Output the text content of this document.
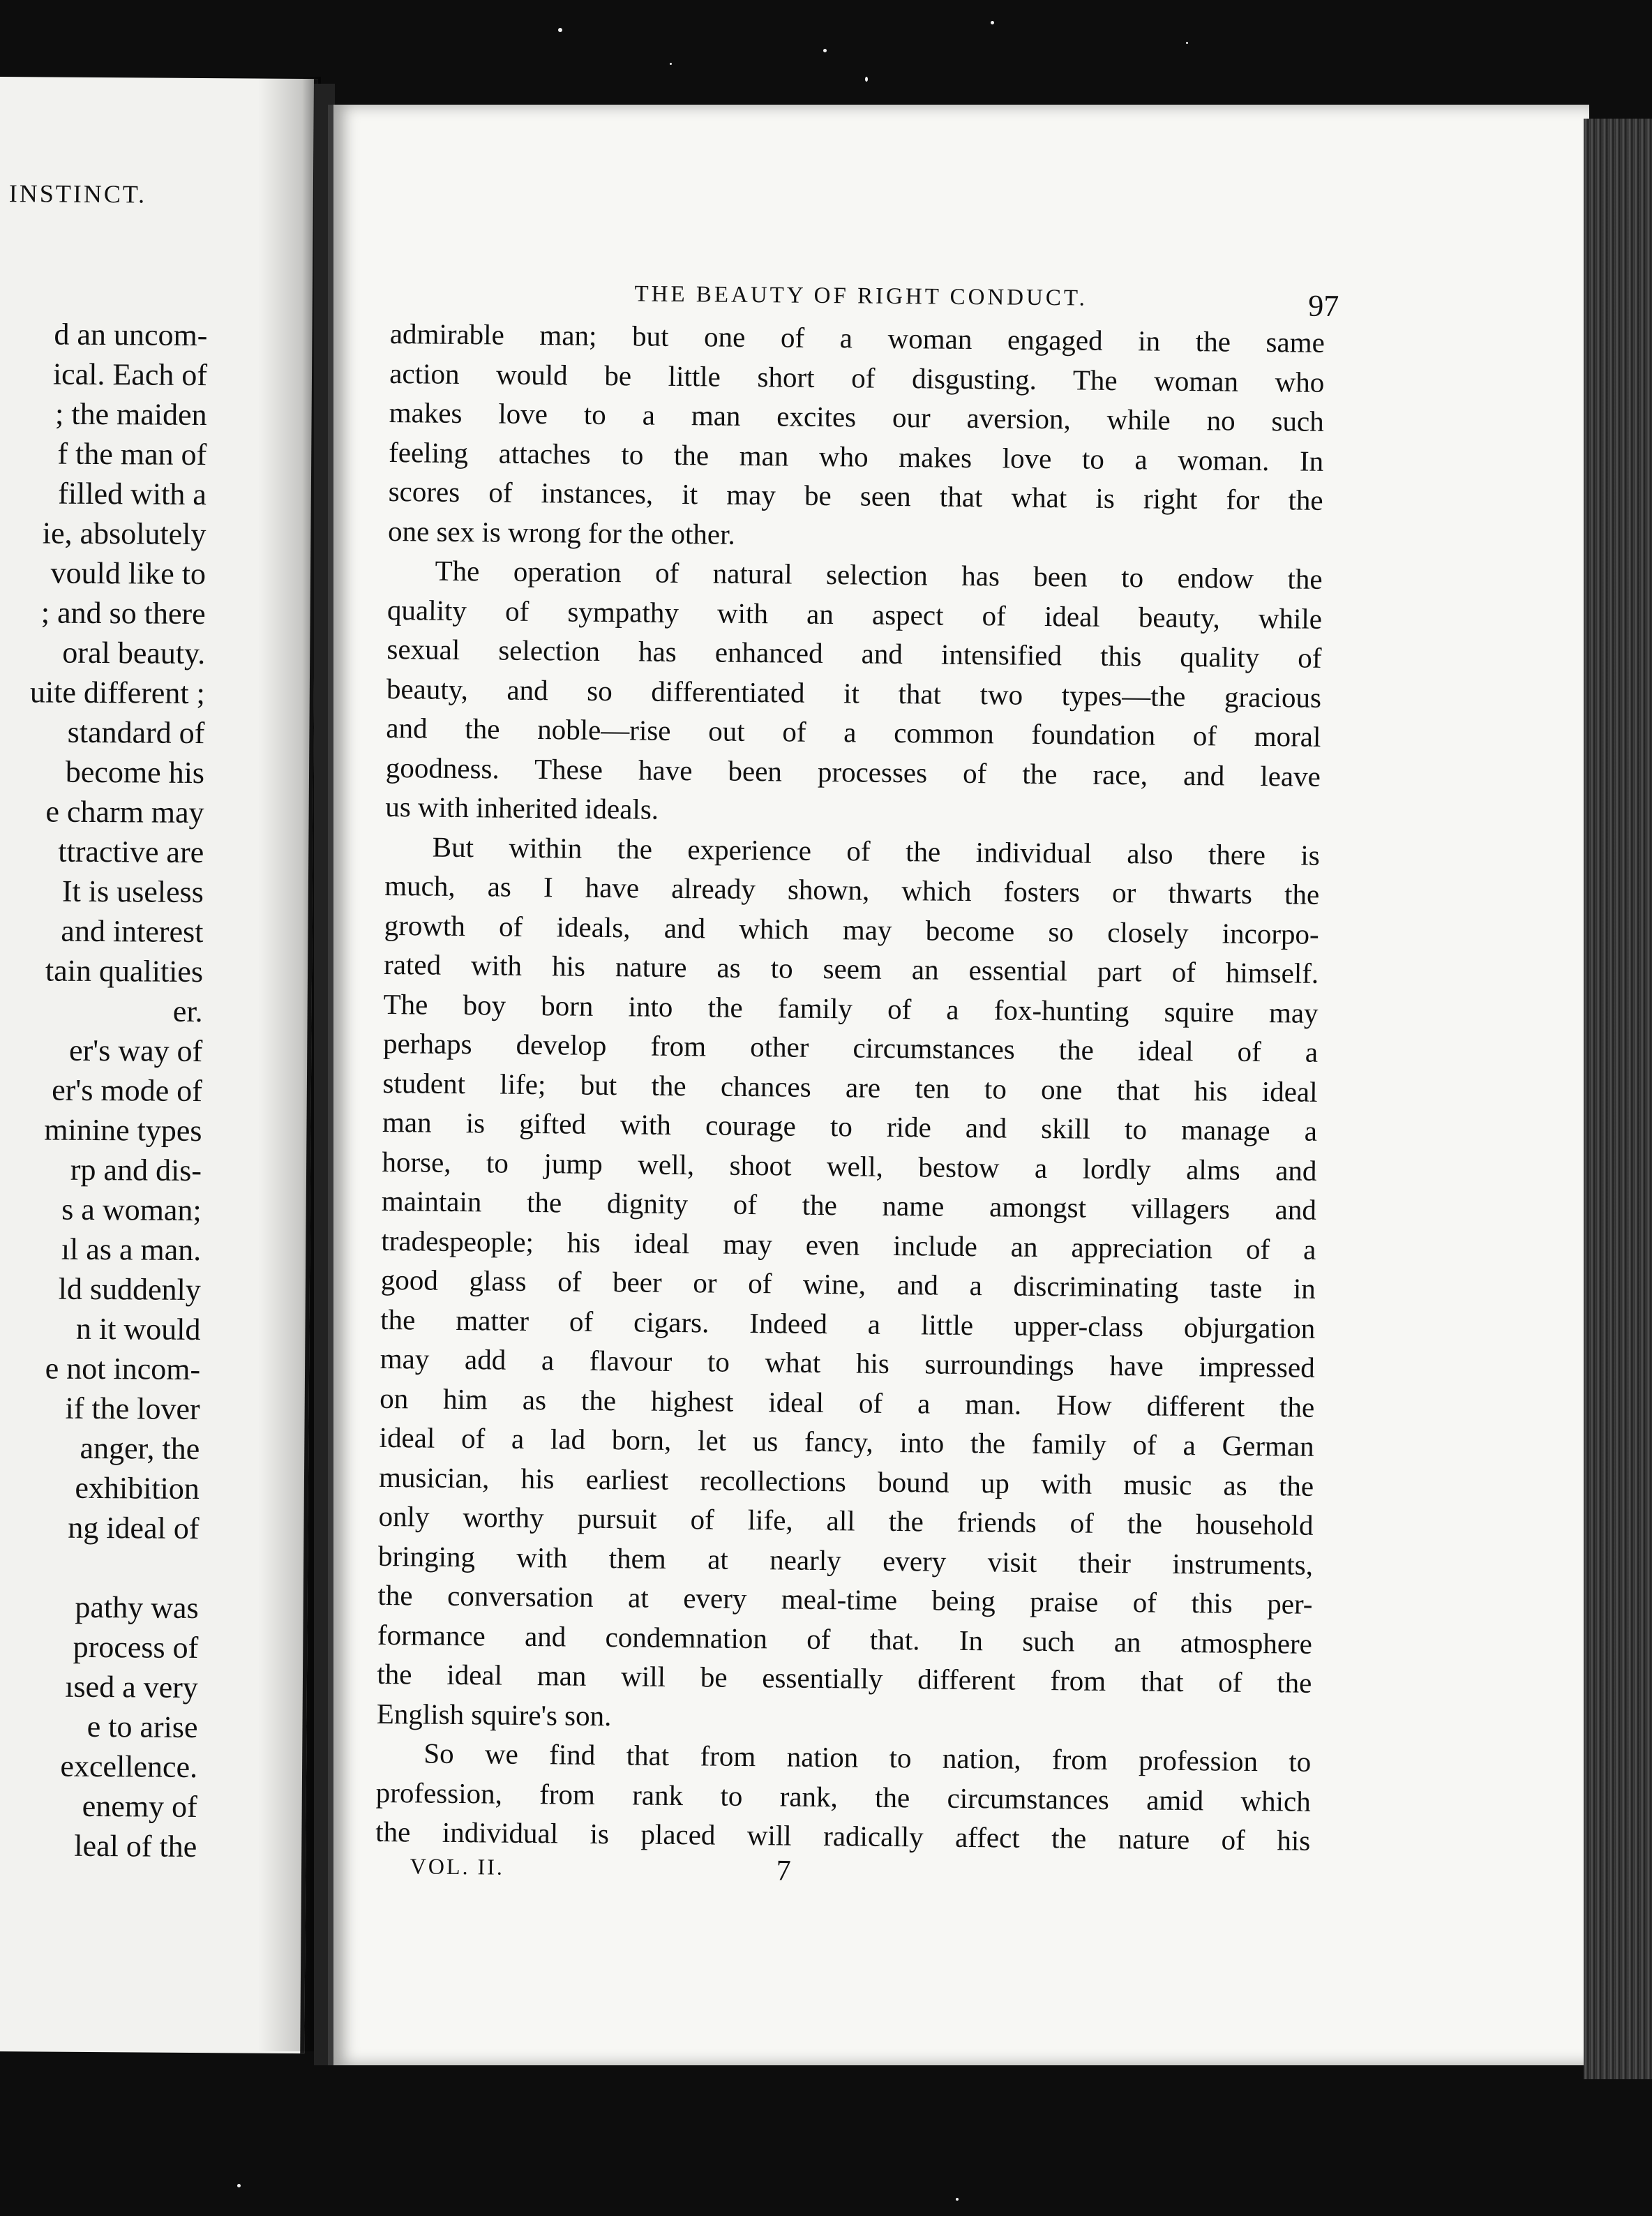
INSTINCT.
d an uncom-
ical. Each of
; the maiden
f the man of
filled with a
ie, absolutely
vould like to
; and so there
oral beauty.
uite different ;
standard of
become his
e charm may
ttractive are
It is useless
and interest
tain qualities
er.
er's way of
er's mode of
minine types
rp and dis-
s a woman;
ıl as a man.
ld suddenly
n it would
e not incom-
if the lover
anger, the
exhibition
ng ideal of
pathy was
process of
ısed a very
e to arise
excellence.
enemy of
leal of the
THE BEAUTY OF RIGHT CONDUCT.	97
admirable man; but one of a woman engaged in the same
action would be little short of disgusting. The woman who
makes love to a man excites our aversion, while no such
feeling attaches to the man who makes love to a woman. In
scores of instances, it may be seen that what is right for the
one sex is wrong for the other.
The operation of natural selection has been to endow the
quality of sympathy with an aspect of ideal beauty, while
sexual selection has enhanced and intensified this quality of
beauty, and so differentiated it that two types—the gracious
and the noble—rise out of a common foundation of moral
goodness. These have been processes of the race, and leave
us with inherited ideals.
But within the experience of the individual also there is
much, as I have already shown, which fosters or thwarts the
growth of ideals, and which may become so closely incorpo-
rated with his nature as to seem an essential part of himself.
The boy born into the family of a fox-hunting squire may
perhaps develop from other circumstances the ideal of a
student life; but the chances are ten to one that his ideal
man is gifted with courage to ride and skill to manage a
horse, to jump well, shoot well, bestow a lordly alms and
maintain the dignity of the name amongst villagers and
tradespeople; his ideal may even include an appreciation of a
good glass of beer or of wine, and a discriminating taste in
the matter of cigars. Indeed a little upper-class objurgation
may add a flavour to what his surroundings have impressed
on him as the highest ideal of a man. How different the
ideal of a lad born, let us fancy, into the family of a German
musician, his earliest recollections bound up with music as the
only worthy pursuit of life, all the friends of the household
bringing with them at nearly every visit their instruments,
the conversation at every meal-time being praise of this per-
formance and condemnation of that. In such an atmosphere
the ideal man will be essentially different from that of the
English squire's son.
So we find that from nation to nation, from profession to
profession, from rank to rank, the circumstances amid which
the individual is placed will radically affect the nature of his
VOL. II.	7
